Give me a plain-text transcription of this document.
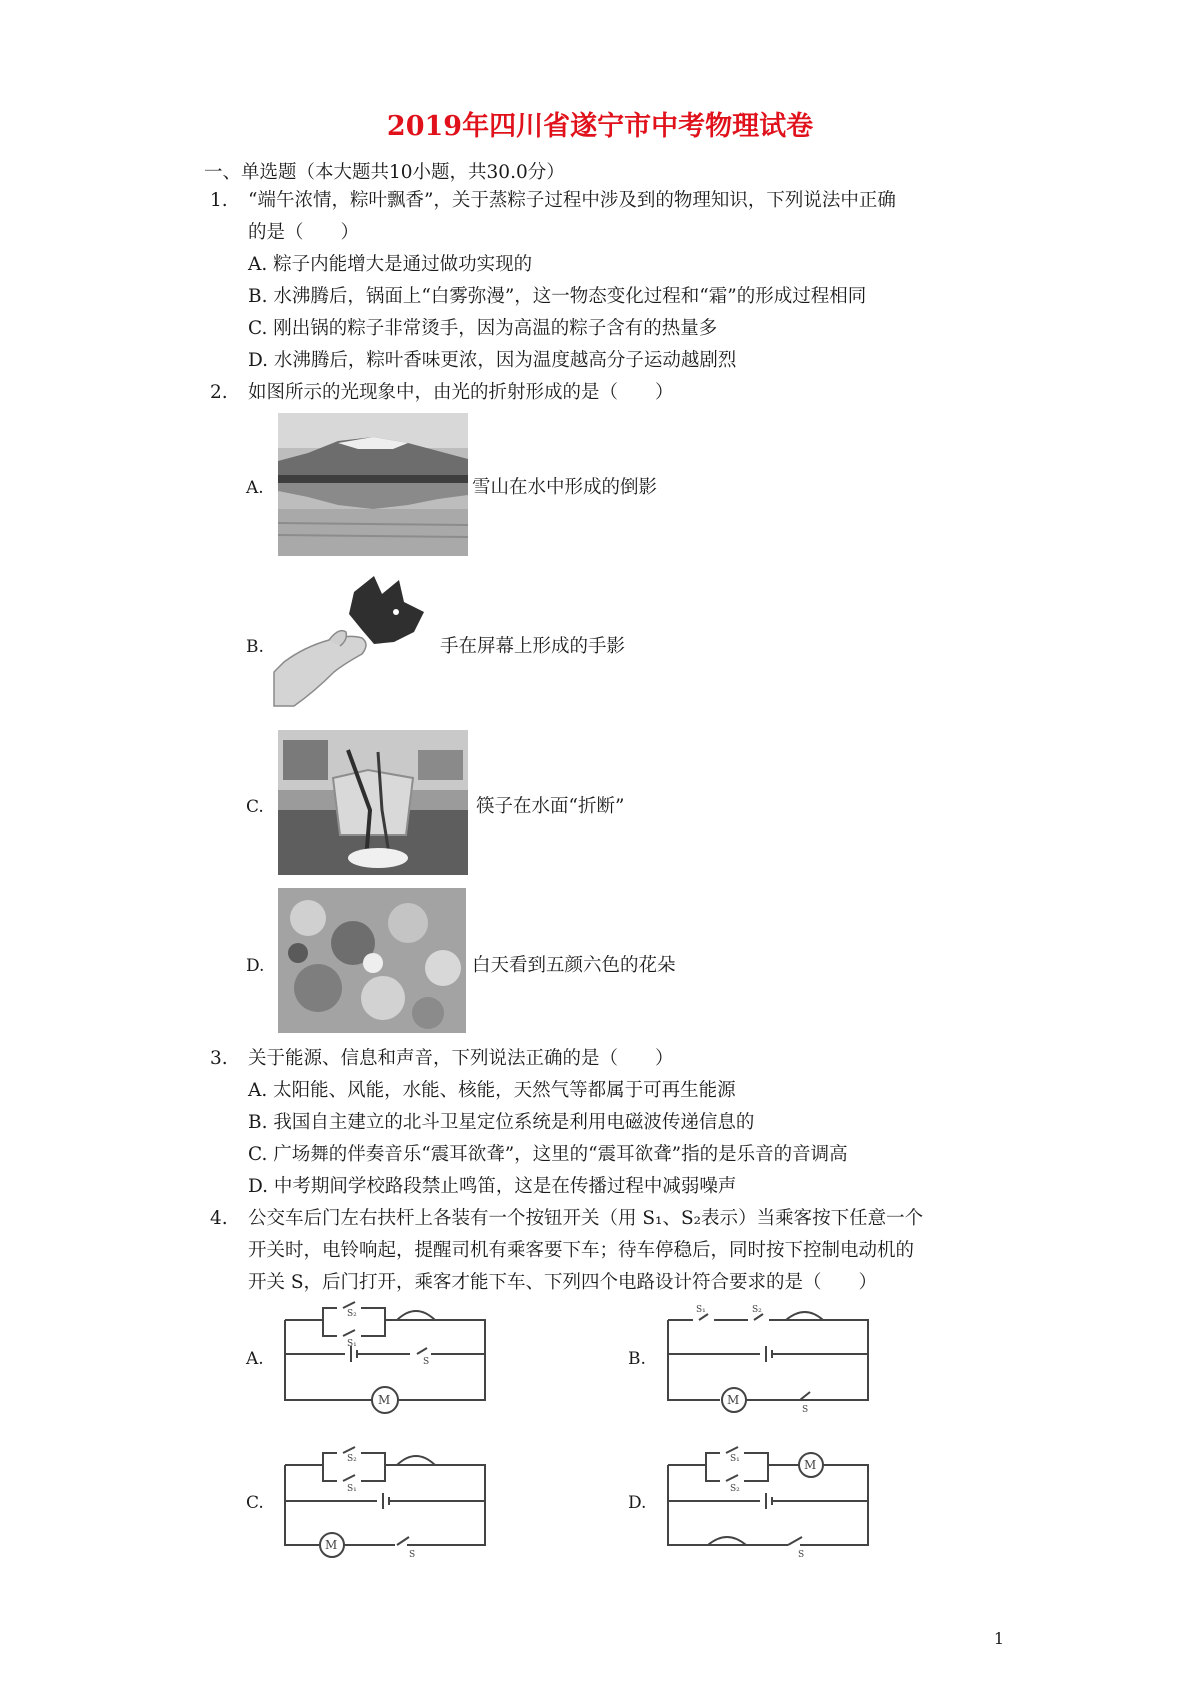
2019年四川省遂宁市中考物理试卷
一、单选题（本大题共10小题，共30.0分）
1. “端午浓情，粽叶飘香”，关于蒸粽子过程中涉及到的物理知识，下列说法中正确
的是（　　）
A. 粽子内能增大是通过做功实现的
B. 水沸腾后，锅面上“白雾弥漫”，这一物态变化过程和“霜”的形成过程相同
C. 刚出锅的粽子非常烫手，因为高温的粽子含有的热量多
D. 水沸腾后，粽叶香味更浓，因为温度越高分子运动越剧烈
2. 如图所示的光现象中，由光的折射形成的是（　　）
A.	雪山在水中形成的倒影
B.	手在屏幕上形成的手影
C.	筷子在水面“折断”
D.	白天看到五颜六色的花朵
3. 关于能源、信息和声音，下列说法正确的是（　　）
A. 太阳能、风能，水能、核能，天然气等都属于可再生能源
B. 我国自主建立的北斗卫星定位系统是利用电磁波传递信息的
C. 广场舞的伴奏音乐“震耳欲聋”，这里的“震耳欲聋”指的是乐音的音调高
D. 中考期间学校路段禁止鸣笛，这是在传播过程中减弱噪声
4. 公交车后门左右扶杆上各装有一个按钮开关（用 S₁、S₂表示）当乘客按下任意一个
开关时，电铃响起，提醒司机有乘客要下车；待车停稳后，同时按下控制电动机的
开关 S，后门打开，乘客才能下车、下列四个电路设计符合要求的是（　　）
A.
M
S₂
S₁
S	B.
M
S₁	S₂
S
C.
M
S₂
S₁
S
D.
M
S₁
S₂
S
1
